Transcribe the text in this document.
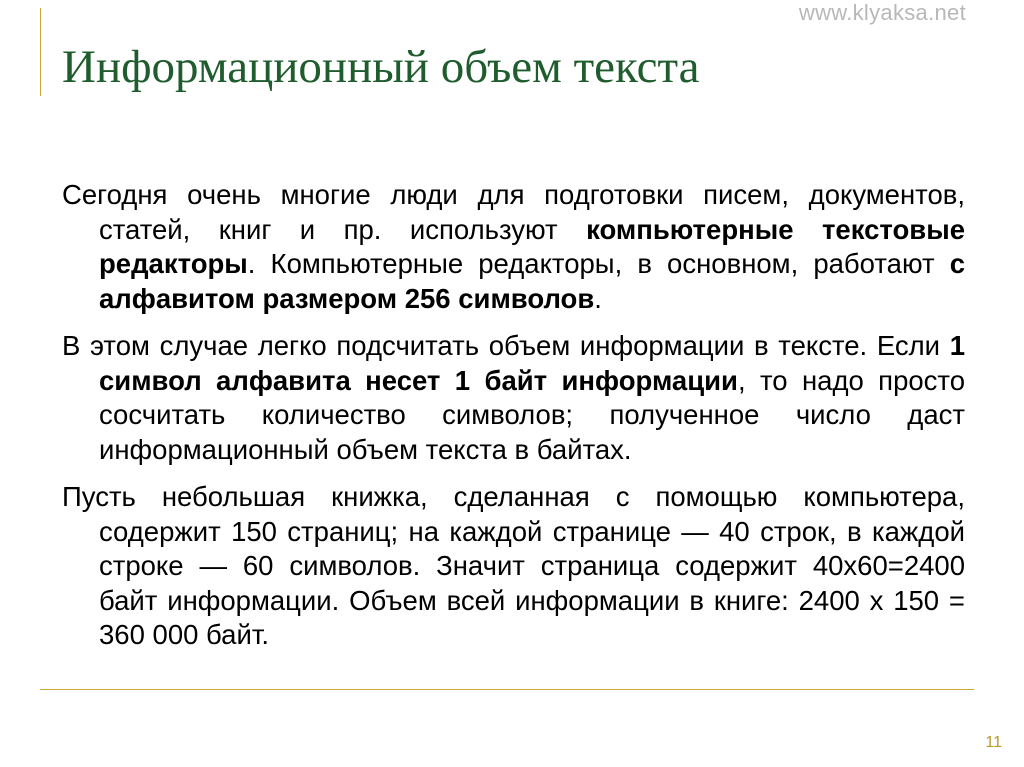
www.klyaksa.net
Информационный объем текста

Сегодня очень многие люди для подготовки писем, документов, статей, книг и пр. используют компьютерные текстовые редакторы. Компьютерные редакторы, в основном, работают с алфавитом размером 256 символов.

В этом случае легко подсчитать объем информации в тексте. Если 1 символ алфавита несет 1 байт информации, то надо просто сосчитать количество символов; полученное число даст информационный объем текста в байтах.

Пусть небольшая книжка, сделанная с помощью компьютера, содержит 150 страниц; на каждой странице — 40 строк, в каждой строке — 60 символов. Значит страница содержит 40х60=2400 байт информации. Объем всей информации в книге: 2400 х 150 = 360 000 байт.

11
